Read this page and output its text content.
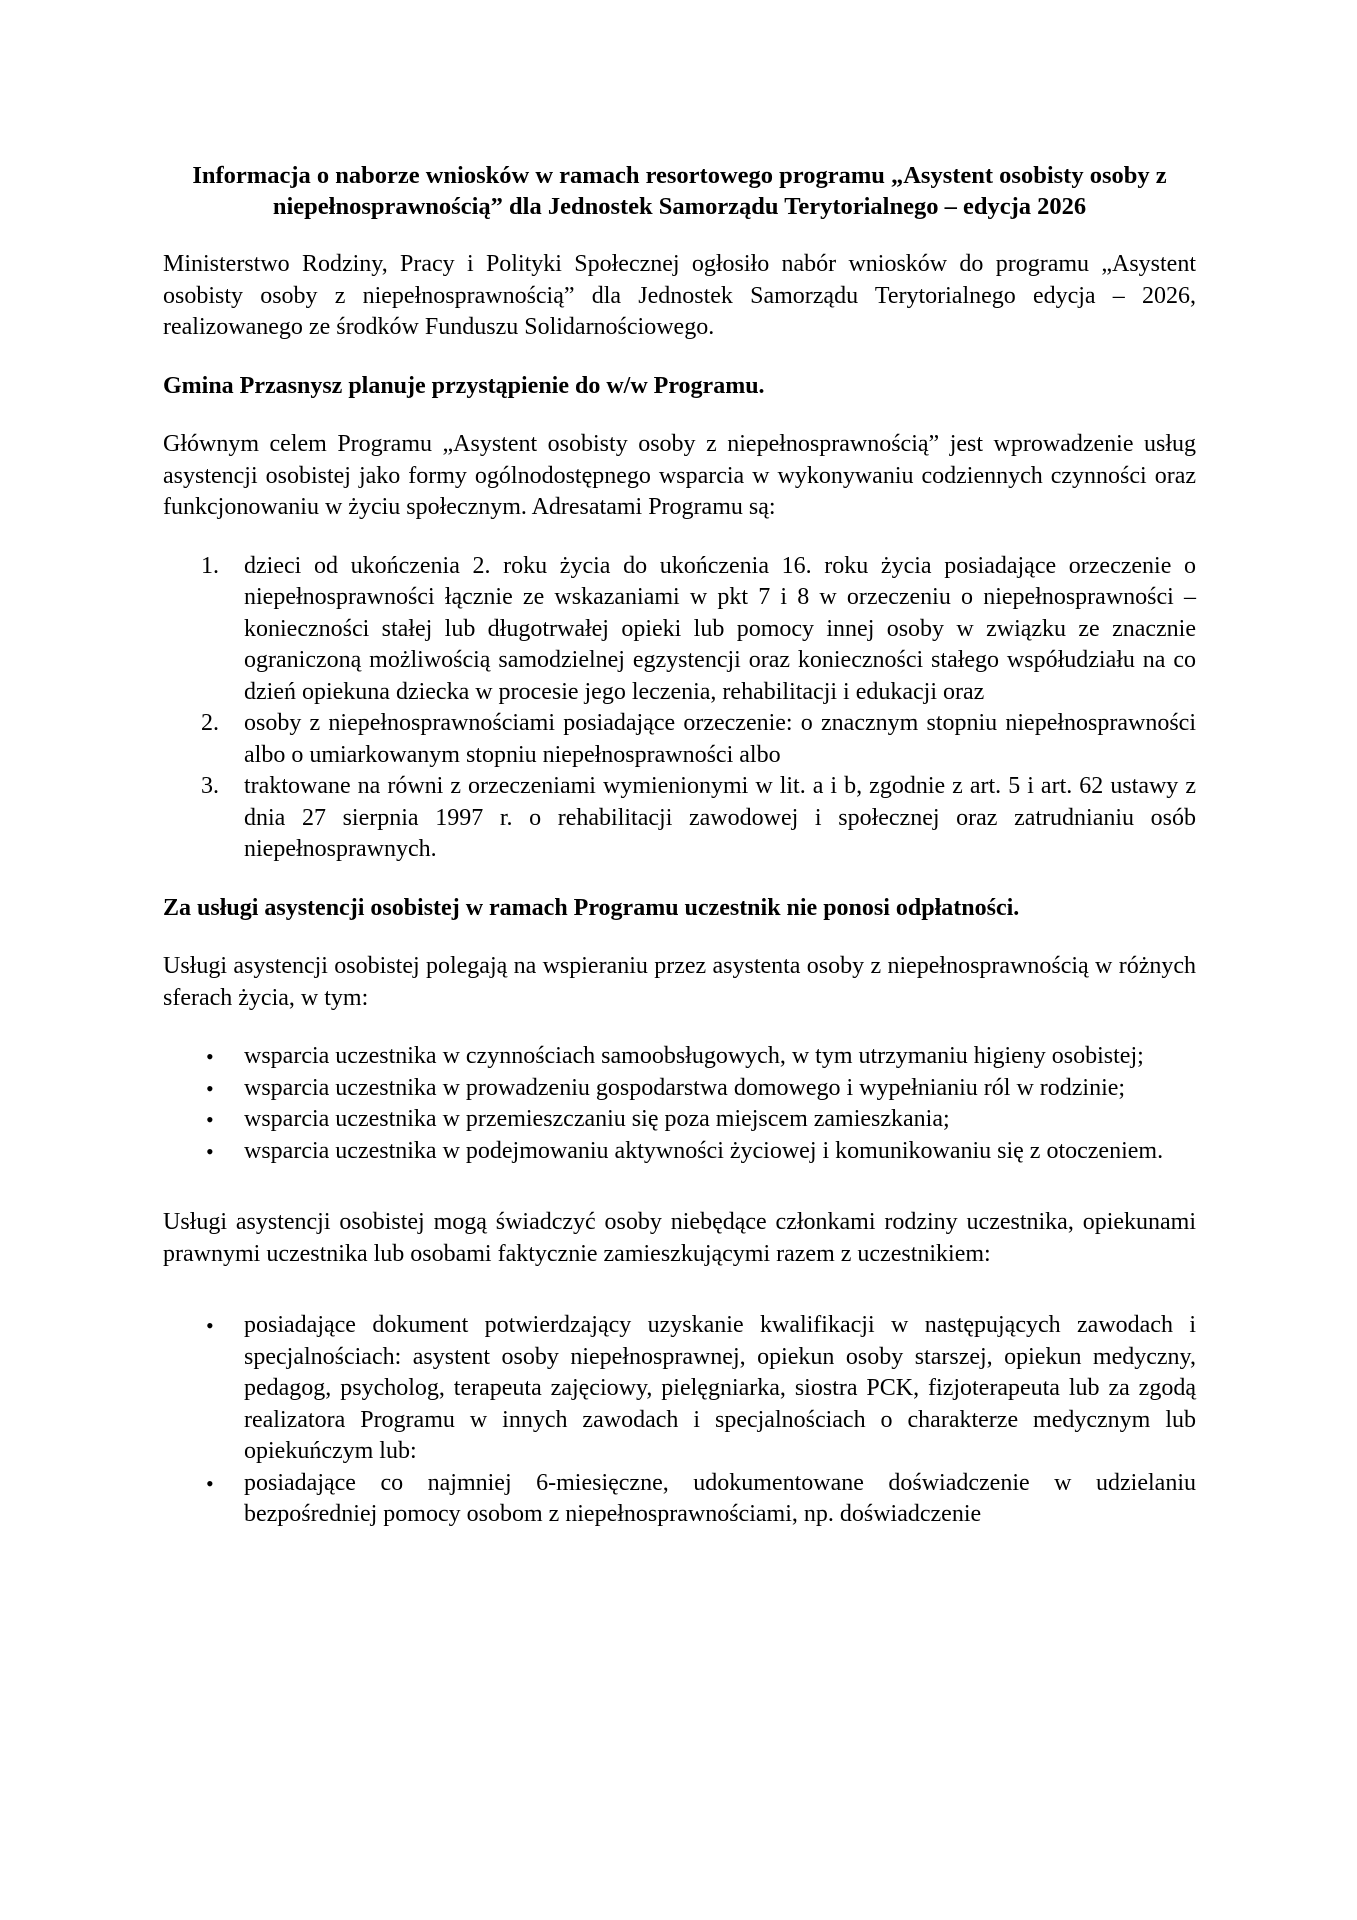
Informacja o naborze wniosków w ramach resortowego programu „Asystent osobisty osoby z niepełnosprawnością” dla Jednostek Samorządu Terytorialnego – edycja 2026

Ministerstwo Rodziny, Pracy i Polityki Społecznej ogłosiło nabór wniosków do programu „Asystent osobisty osoby z niepełnosprawnością” dla Jednostek Samorządu Terytorialnego edycja – 2026, realizowanego ze środków Funduszu Solidarnościowego.

Gmina Przasnysz planuje przystąpienie do w/w Programu.

Głównym celem Programu „Asystent osobisty osoby z niepełnosprawnością” jest wprowadzenie usług asystencji osobistej jako formy ogólnodostępnego wsparcia w wykonywaniu codziennych czynności oraz funkcjonowaniu w życiu społecznym. Adresatami Programu są:

1.	dzieci od ukończenia 2. roku życia do ukończenia 16. roku życia posiadające orzeczenie o niepełnosprawności łącznie ze wskazaniami w pkt 7 i 8 w orzeczeniu o niepełnosprawności – konieczności stałej lub długotrwałej opieki lub pomocy innej osoby w związku ze znacznie ograniczoną możliwością samodzielnej egzystencji oraz konieczności stałego współudziału na co dzień opiekuna dziecka w procesie jego leczenia, rehabilitacji i edukacji oraz
2.	osoby z niepełnosprawnościami posiadające orzeczenie: o znacznym stopniu niepełnosprawności albo o umiarkowanym stopniu niepełnosprawności albo
3.	traktowane na równi z orzeczeniami wymienionymi w lit. a i b, zgodnie z art. 5 i art. 62 ustawy z dnia 27 sierpnia 1997 r. o rehabilitacji zawodowej i społecznej oraz zatrudnianiu osób niepełnosprawnych.

Za usługi asystencji osobistej w ramach Programu uczestnik nie ponosi odpłatności.

Usługi asystencji osobistej polegają na wspieraniu przez asystenta osoby z niepełnosprawnością w różnych sferach życia, w tym:

• wsparcia uczestnika w czynnościach samoobsługowych, w tym utrzymaniu higieny osobistej;
• wsparcia uczestnika w prowadzeniu gospodarstwa domowego i wypełnianiu ról w rodzinie;
• wsparcia uczestnika w przemieszczaniu się poza miejscem zamieszkania;
• wsparcia uczestnika w podejmowaniu aktywności życiowej i komunikowaniu się z otoczeniem.

Usługi asystencji osobistej mogą świadczyć osoby niebędące członkami rodziny uczestnika, opiekunami prawnymi uczestnika lub osobami faktycznie zamieszkującymi razem z uczestnikiem:

• posiadające dokument potwierdzający uzyskanie kwalifikacji w następujących zawodach i specjalnościach: asystent osoby niepełnosprawnej, opiekun osoby starszej, opiekun medyczny, pedagog, psycholog, terapeuta zajęciowy, pielęgniarka, siostra PCK, fizjoterapeuta lub za zgodą realizatora Programu w innych zawodach i specjalnościach o charakterze medycznym lub opiekuńczym lub:
• posiadające co najmniej 6-miesięczne, udokumentowane doświadczenie w udzielaniu bezpośredniej pomocy osobom z niepełnosprawnościami, np. doświadczenie
